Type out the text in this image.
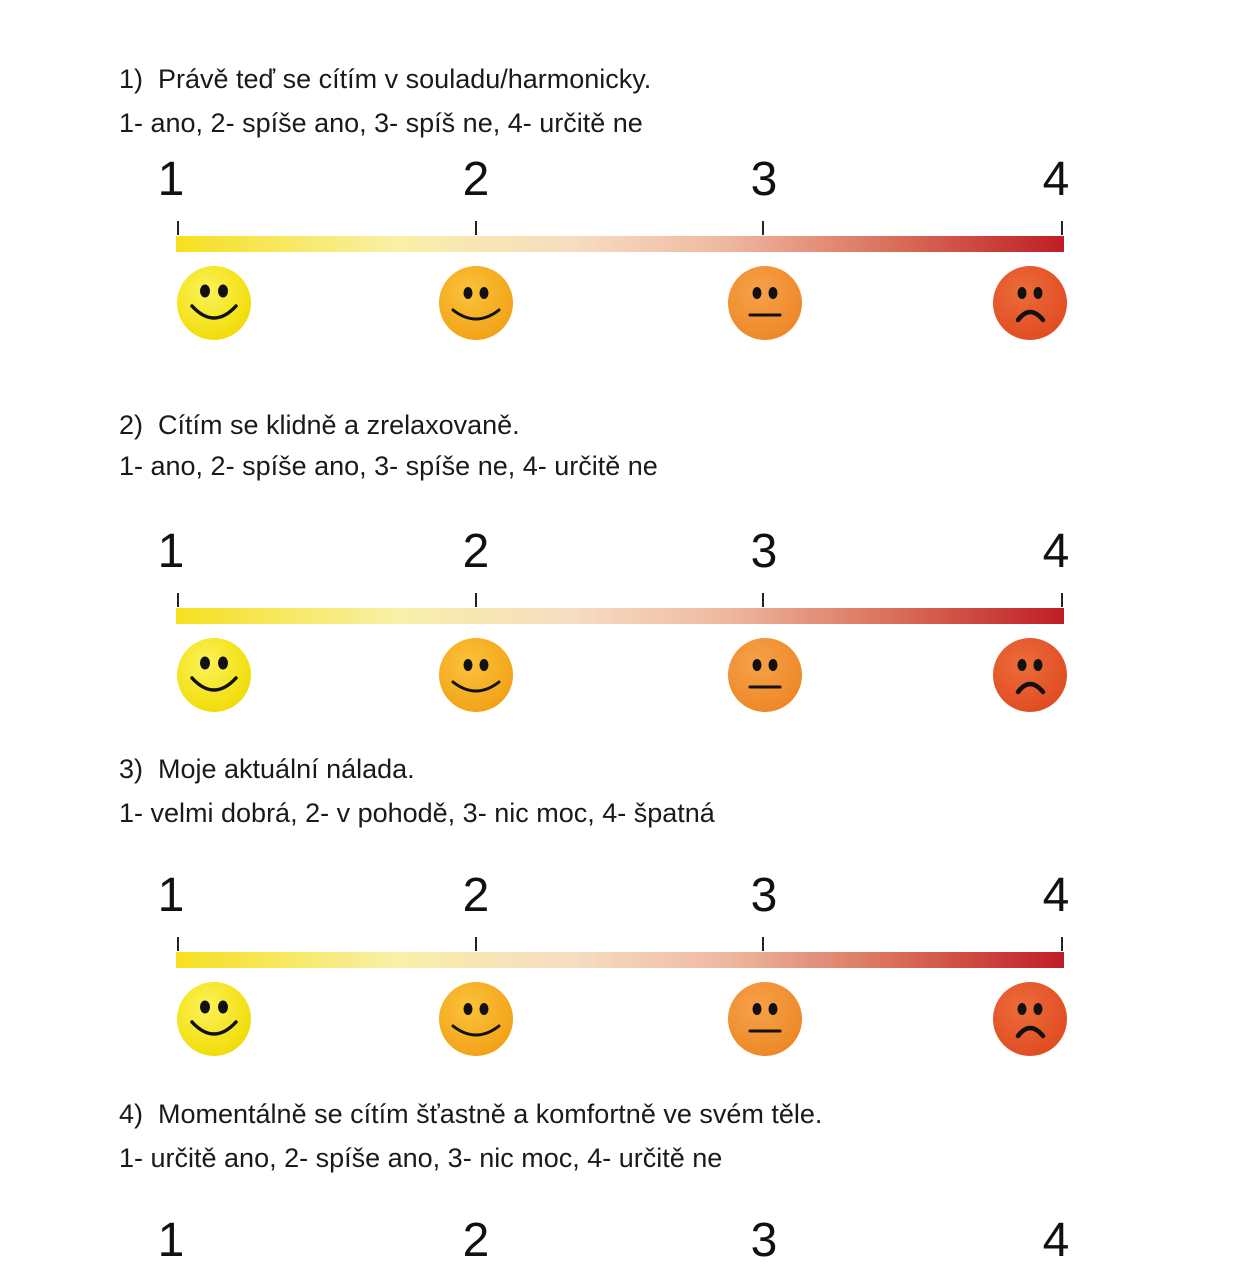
1) Právě teď se cítím v souladu/harmonicky.

1- ano, 2- spíše ano, 3- spíš ne, 4- určitě ne

1	2	3	4
2) Cítím se klidně a zrelaxovaně.

1- ano, 2- spíše ano, 3- spíše ne, 4- určitě ne

1	2	3	4
3) Moje aktuální nálada.

1- velmi dobrá, 2- v pohodě, 3- nic moc, 4- špatná

1	2	3	4
4) Momentálně se cítím šťastně a komfortně ve svém těle.

1- určitě ano, 2- spíše ano, 3- nic moc, 4- určitě ne

1	2	3	4
